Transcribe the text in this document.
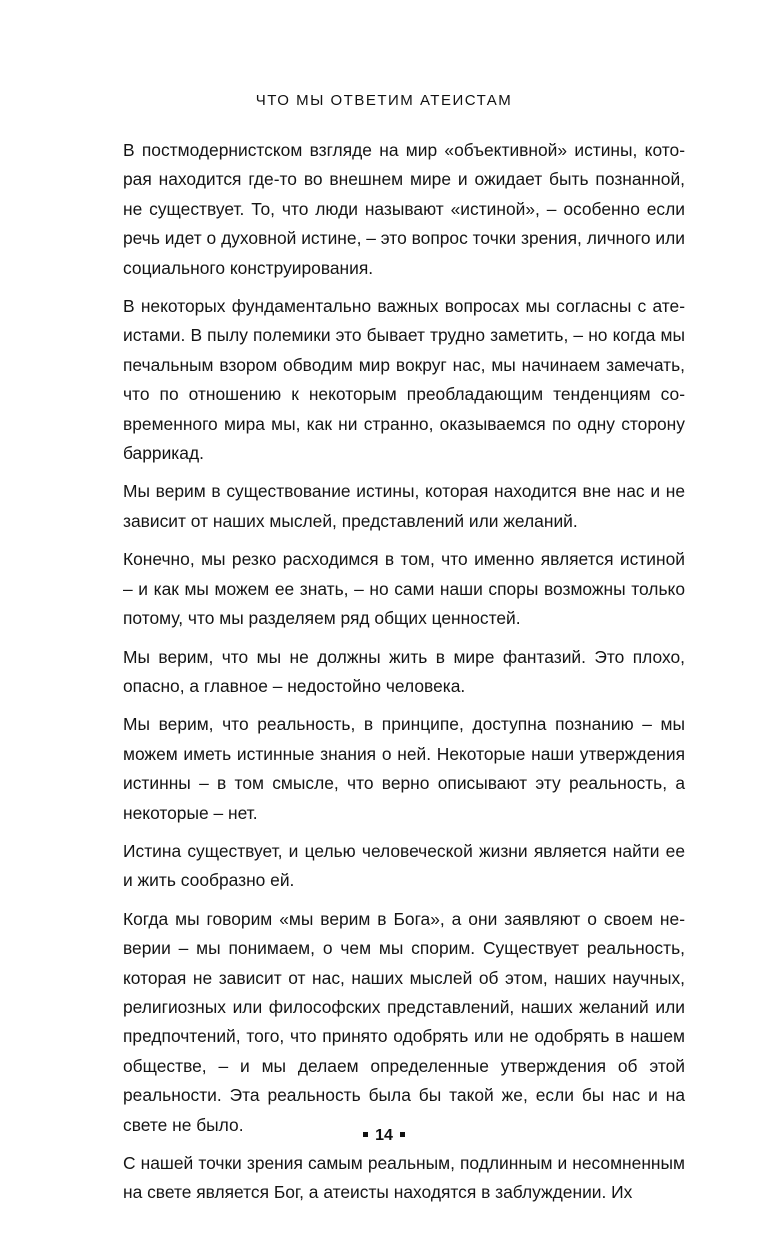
ЧТО МЫ ОТВЕТИМ АТЕИСТАМ

В постмодернистском взгляде на мир «объективной» истины, которая находится где-то во внешнем мире и ожидает быть познанной, не существует. То, что люди называют «истиной», – особенно если речь идет о духовной истине, – это вопрос точки зрения, личного или социального конструирования.

В некоторых фундаментально важных вопросах мы согласны с атеистами. В пылу полемики это бывает трудно заметить, – но когда мы печальным взором обводим мир вокруг нас, мы начинаем замечать, что по отношению к некоторым преобладающим тенденциям современного мира мы, как ни странно, оказываемся по одну сторону баррикад.

Мы верим в существование истины, которая находится вне нас и не зависит от наших мыслей, представлений или желаний.

Конечно, мы резко расходимся в том, что именно является истиной – и как мы можем ее знать, – но сами наши споры возможны только потому, что мы разделяем ряд общих ценностей.

Мы верим, что мы не должны жить в мире фантазий. Это плохо, опасно, а главное – недостойно человека.

Мы верим, что реальность, в принципе, доступна познанию – мы можем иметь истинные знания о ней. Некоторые наши утверждения истинны – в том смысле, что верно описывают эту реальность, а некоторые – нет.

Истина существует, и целью человеческой жизни является найти ее и жить сообразно ей.

Когда мы говорим «мы верим в Бога», а они заявляют о своем неверии – мы понимаем, о чем мы спорим. Существует реальность, которая не зависит от нас, наших мыслей об этом, наших научных, религиозных или философских представлений, наших желаний или предпочтений, того, что принято одобрять или не одобрять в нашем обществе, – и мы делаем определенные утверждения об этой реальности. Эта реальность была бы такой же, если бы нас и на свете не было.

С нашей точки зрения самым реальным, подлинным и несомненным на свете является Бог, а атеисты находятся в заблуждении. Их

14
